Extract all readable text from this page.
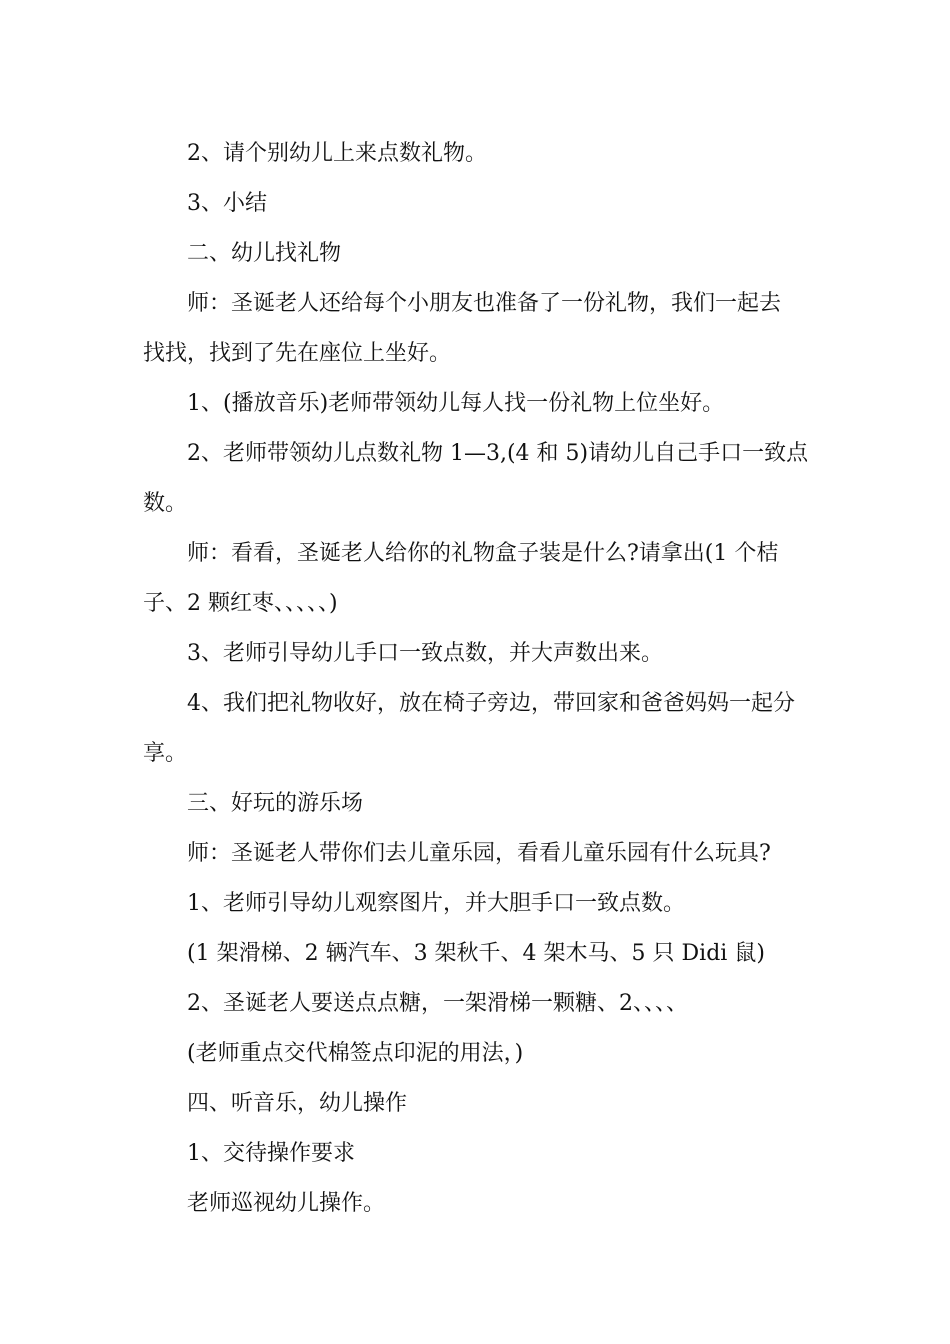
2、请个别幼儿上来点数礼物。
3、小结
二、幼儿找礼物
师：圣诞老人还给每个小朋友也准备了一份礼物，我们一起去
找找，找到了先在座位上坐好。
1、(播放音乐)老师带领幼儿每人找一份礼物上位坐好。
2、老师带领幼儿点数礼物 1—3,(4 和 5)请幼儿自己手口一致点
数。
师：看看，圣诞老人给你的礼物盒子装是什么?请拿出(1 个桔
子、2 颗红枣、、、、、)
3、老师引导幼儿手口一致点数，并大声数出来。
4、我们把礼物收好，放在椅子旁边，带回家和爸爸妈妈一起分
享。
三、好玩的游乐场
师：圣诞老人带你们去儿童乐园，看看儿童乐园有什么玩具?
1、老师引导幼儿观察图片，并大胆手口一致点数。
(1 架滑梯、2 辆汽车、3 架秋千、4 架木马、5 只 Didi 鼠)
2、圣诞老人要送点点糖，一架滑梯一颗糖、2、、、、
(老师重点交代棉签点印泥的用法，)
四、听音乐，幼儿操作
1、交待操作要求
老师巡视幼儿操作。
